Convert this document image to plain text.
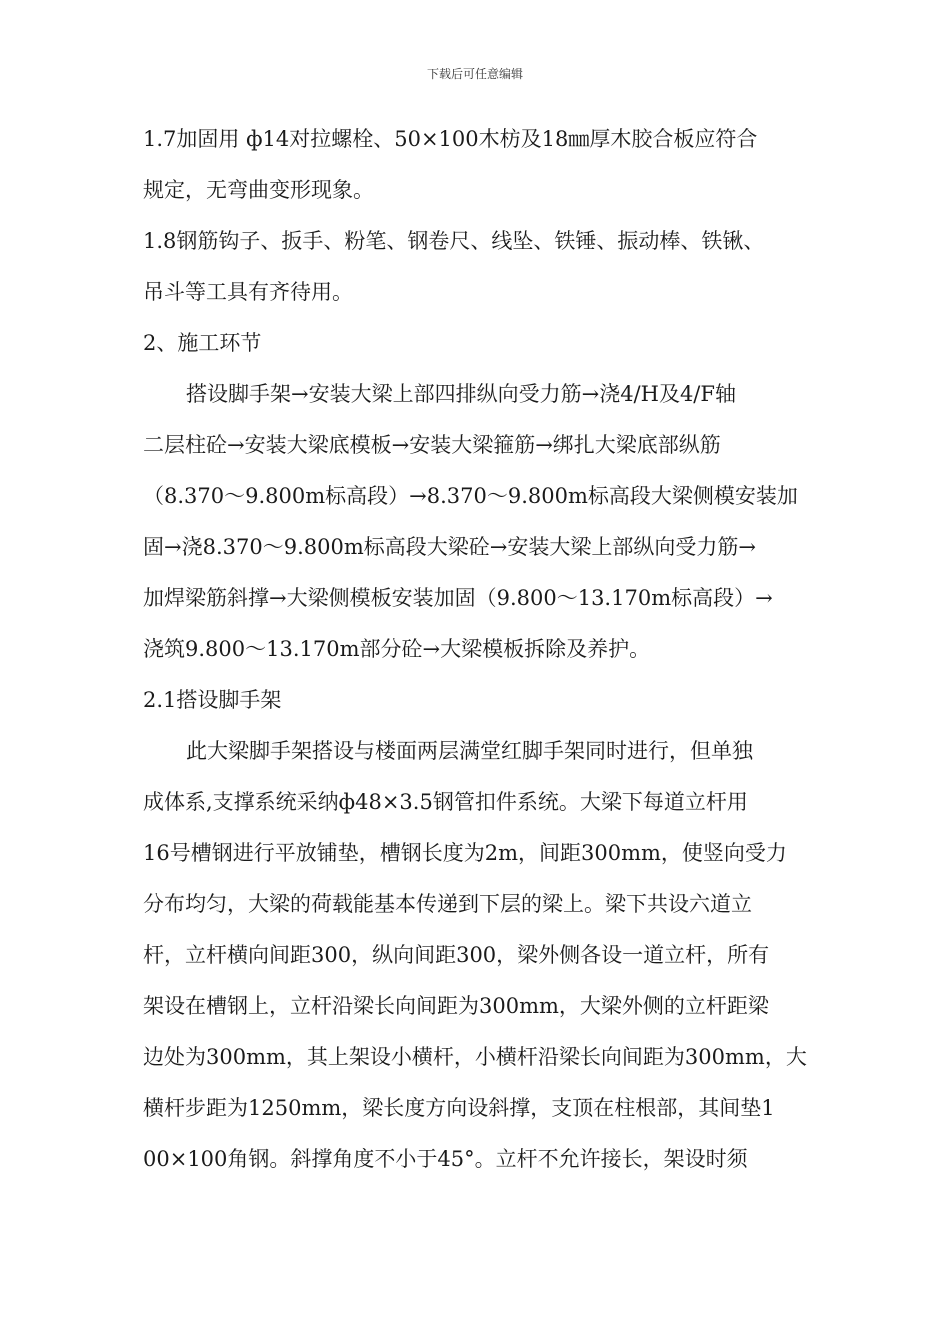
下载后可任意编辑
1.7加固用 ф14对拉螺栓、50×100木枋及18㎜厚木胶合板应符合
规定，无弯曲变形现象。
1.8钢筋钩子、扳手、粉笔、钢卷尺、线坠、铁锤、振动棒、铁锹、
吊斗等工具有齐待用。
2、施工环节
搭设脚手架→安装大梁上部四排纵向受力筋→浇4/H及4/F轴
二层柱砼→安装大梁底模板→安装大梁箍筋→绑扎大梁底部纵筋
（8.370～9.800m标高段）→8.370～9.800m标高段大梁侧模安装加
固→浇8.370～9.800m标高段大梁砼→安装大梁上部纵向受力筋→
加焊梁筋斜撑→大梁侧模板安装加固（9.800～13.170m标高段）→
浇筑9.800～13.170m部分砼→大梁模板拆除及养护。
2.1搭设脚手架
此大梁脚手架搭设与楼面两层满堂红脚手架同时进行，但单独
成体系,支撑系统采纳ф48×3.5钢管扣件系统。大梁下每道立杆用
16号槽钢进行平放铺垫，槽钢长度为2m，间距300mm，使竖向受力
分布均匀，大梁的荷载能基本传递到下层的梁上。梁下共设六道立
杆，立杆横向间距300，纵向间距300，梁外侧各设一道立杆，所有
架设在槽钢上，立杆沿梁长向间距为300mm，大梁外侧的立杆距梁
边处为300mm，其上架设小横杆，小横杆沿梁长向间距为300mm，大
横杆步距为1250mm，梁长度方向设斜撑，支顶在柱根部，其间垫1
00×100角钢。斜撑角度不小于45°。立杆不允许接长，架设时须
